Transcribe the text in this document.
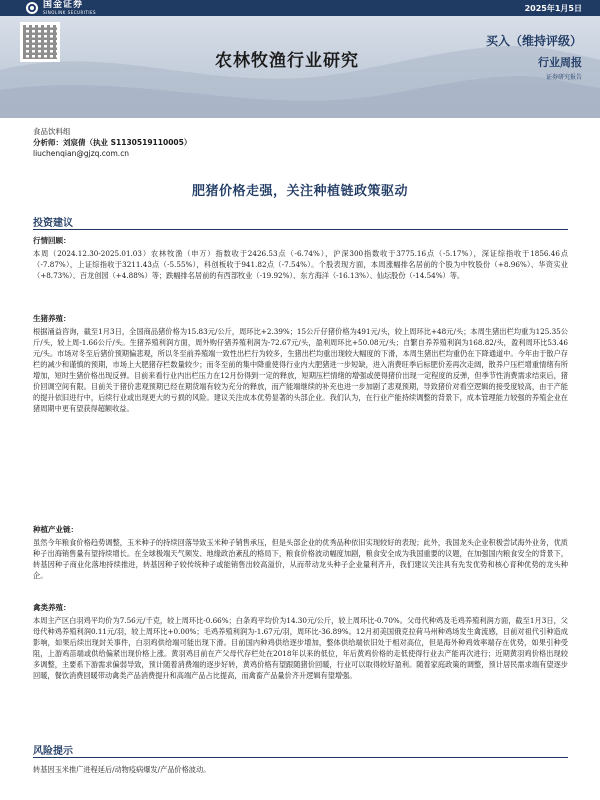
国金证券
SINOLINK SECURITIES	2025年1月5日
农林牧渔行业研究
买入（维持评级）
行业周报
证券研究报告
食品饮料组
分析师：刘宸倩（执业 S1130519110005）
liuchenqian@gjzq.com.cn
肥猪价格走强，关注种植链政策驱动
投资建议
行情回顾：
本周（2024.12.30-2025.01.03）农林牧渔（申万）指数收于2426.53点（-6.74%），沪深300指数收于3775.16点（-5.17%），深证综指收于1856.46点（-7.87%），上证综指收于3211.43点（-5.55%），科创板收于941.82点（-7.54%）。个股表现方面，本周涨幅排名居前的个股为中牧股份（+8.96%）、华资实业（+8.73%）、百龙创园（+4.88%）等；跌幅排名居前的有西部牧业（-19.92%）、东方海洋（-16.13%）、仙坛股份（-14.54%）等。
生猪养殖：
根据涌益咨询，截至1月3日，全国商品猪价格为15.83元/公斤，周环比+2.39%；15公斤仔猪价格为491元/头，较上周环比+48元/头；本周生猪出栏均重为125.35公斤/头，较上周-1.66公斤/头。生猪养殖利润方面，周外购仔猪养殖利润为-72.67元/头，盈利周环比+50.08元/头；自繁自养养殖利润为168.82/头，盈利周环比53.46元/头。市场对冬至后猪价预期偏悲观，所以冬至前养殖端一致性出栏行为较多，生猪出栏均重出现较大幅度的下滑，本周生猪出栏均重仍在下降通道中。今年由于散户存栏的减少和谨慎的预期，市场上大肥猪存栏数量较少；而冬至前的集中降重使得行业内大肥猪进一步短缺，进入消费旺季后标肥价差再次走阔，散养户压栏增重情绪有所增加，短时生猪价格出现反弹。目前来看行业内出栏压力在12月份得到一定的释放，短期压栏情绪的增强或使得猪价出现一定程度的反弹，但季节性消费需求结束后，猪价回调空间有限。目前关于猪价悲观预期已经在期货端有较为充分的释放，而产能端继续的补充也进一步加剧了悲观预期，导致猪价对看空逻辑的接受度较高，由于产能的提升依旧进行中，后续行业或出现更大的亏损的风险。建议关注成本优势显著的头部企业。我们认为，在行业产能持续调整的背景下，成本管理能力较强的养殖企业在猪周期中更有望获得超额收益。
种植产业链：
虽然今年粮食价格趋势调整，玉米种子的持续回落导致玉米种子销售承压，但是头部企业的优秀品种依旧实现较好的表现；此外，我国龙头企业积极尝试海外业务，优质种子出海销售量有望持续增长。在全球极端天气频发、地缘政治紊乱的格局下，粮食价格波动幅度加剧，粮食安全成为我国重要的议题，在加强国内粮食安全的背景下，转基因种子商业化落地持续推进，转基因种子较传统种子或能销售出较高溢价，从而带动龙头种子企业量利齐升，我们建议关注具有先发优势和核心育种优势的龙头种企。
禽类养殖：
本周主产区白羽鸡平均价为7.56元/千克，较上周环比-0.66%；白条鸡平均价为14.30元/公斤，较上周环比-0.70%。父母代种鸡及毛鸡养殖利润方面，截至1月3日，父母代种鸡养殖利润0.11元/羽，较上周环比+0.00%；毛鸡养殖利润为-1.67元/羽，周环比-36.89%。12月初美国俄克拉荷马州种鸡场发生禽流感，目前对祖代引种造成影响，如果后续出现封关事件，白羽鸡供给端可能出现下滑。目前国内种鸡供给逐步增加，整体供给端依旧处于相对高位，但是海外种鸡效率端存在优势，如果引种受阻，上游鸡苗端或供给偏紧出现价格上涨。黄羽鸡目前在产父母代存栏处在2018年以来的低位，年后黄鸡价格的走低使得行业去产能再次进行；近期黄羽鸡价格出现较多调整，主要系下游需求偏弱导致，预计随着消费端的逐步好转，黄鸡价格有望跟随猪价回暖，行业可以取得较好盈利。随着家庭政策的调整，预计居民需求端有望逐步回暖，餐饮消费回暖带动禽类产品消费提升和高端产品占比提高，而禽畜产品量价齐升逻辑有望增强。
风险提示
转基因玉米推广进程延后/动物疫病爆发/产品价格波动。
